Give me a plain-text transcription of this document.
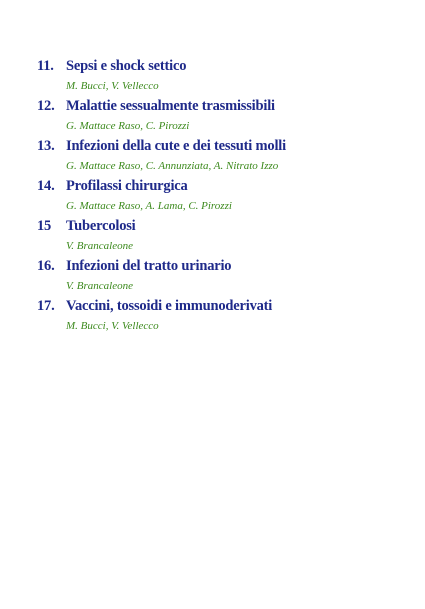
11. Sepsi e shock settico
M. Bucci, V. Vellecco
12. Malattie sessualmente trasmissibili
G. Mattace Raso, C. Pirozzi
13. Infezioni della cute e dei tessuti molli
G. Mattace Raso, C. Annunziata, A. Nitrato Izzo
14. Profilassi chirurgica
G. Mattace Raso, A. Lama, C. Pirozzi
15	Tubercolosi
V. Brancaleone
16. Infezioni del tratto urinario
V. Brancaleone
17. Vaccini, tossoidi e immunoderivati
M. Bucci, V. Vellecco
